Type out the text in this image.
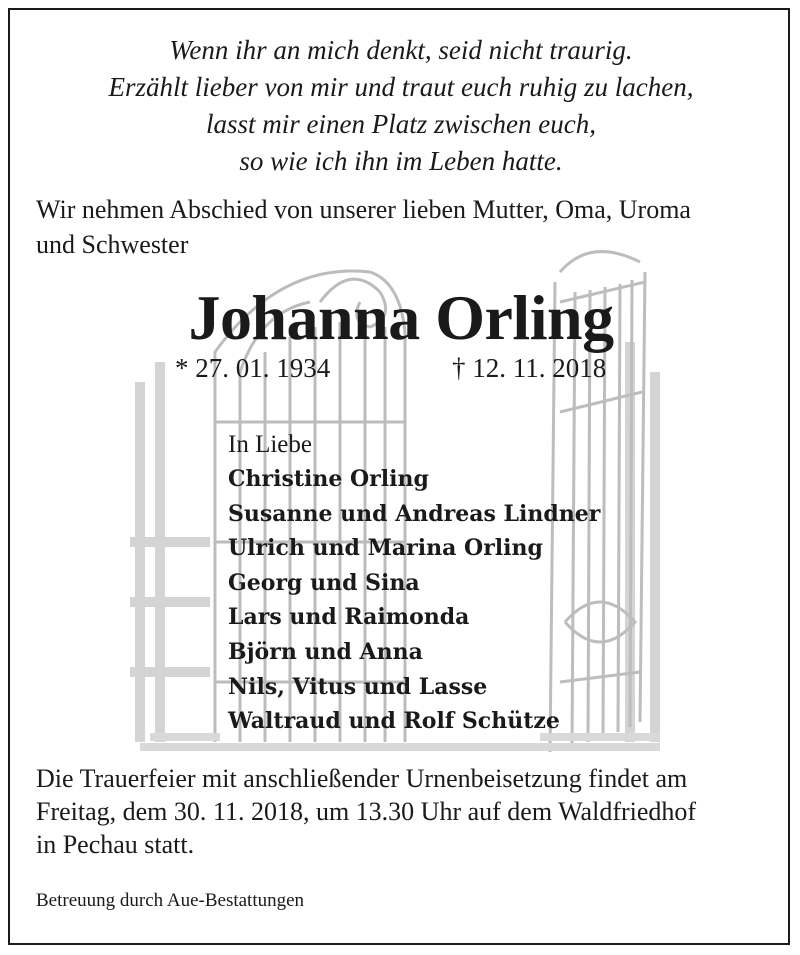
Wenn ihr an mich denkt, seid nicht traurig.
Erzählt lieber von mir und traut euch ruhig zu lachen,
lasst mir einen Platz zwischen euch,
so wie ich ihn im Leben hatte.
Wir nehmen Abschied von unserer lieben Mutter, Oma, Uroma
und Schwester
Johanna Orling
* 27. 01. 1934	† 12. 11. 2018
In Liebe
Christine Orling
Susanne und Andreas Lindner
Ulrich und Marina Orling
Georg und Sina
Lars und Raimonda
Björn und Anna
Nils, Vitus und Lasse
Waltraud und Rolf Schütze
Die Trauerfeier mit anschließender Urnenbeisetzung findet am
Freitag, dem 30. 11. 2018, um 13.30 Uhr auf dem Waldfriedhof
in Pechau statt.
Betreuung durch Aue-Bestattungen
